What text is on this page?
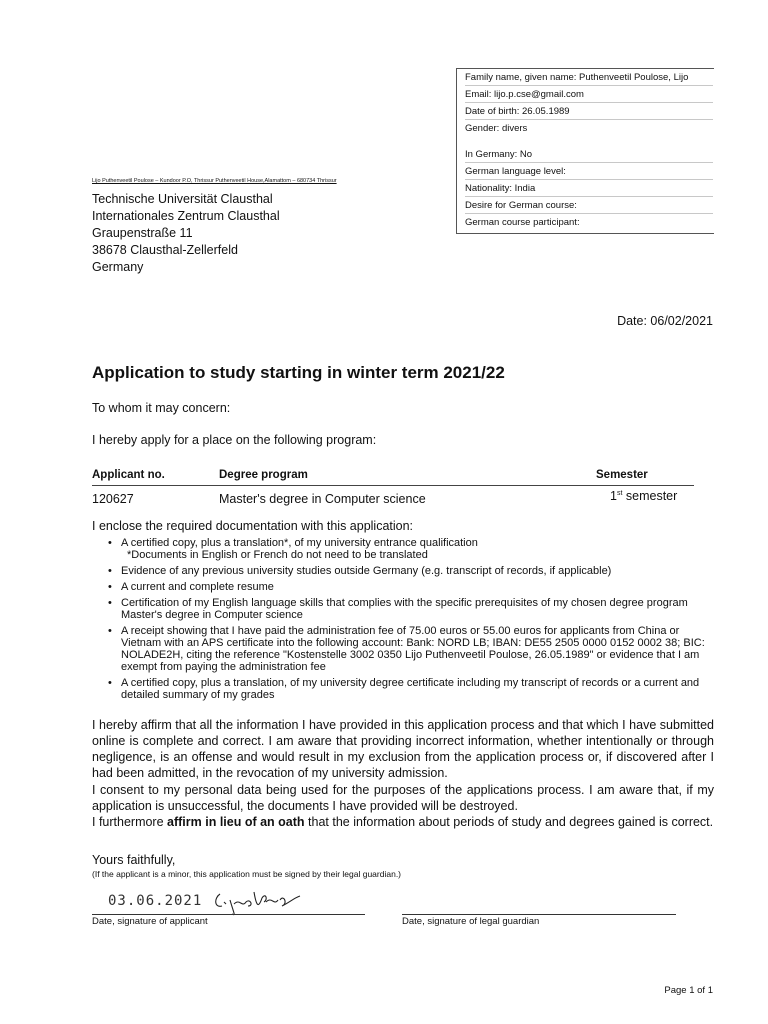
Family name, given name: Puthenveetil Poulose, Lijo
Email: lijo.p.cse@gmail.com
Date of birth: 26.05.1989
Gender: divers
In Germany: No
German language level:
Nationality: India
Desire for German course:
German course participant:
Lijo Puthenveetil Poulose – Kundoor P.O, Thrissur Puthenveetil House,Alamattom – 680734 Thrissur
Technische Universität Clausthal
Internationales Zentrum Clausthal
Graupenstraße 11
38678 Clausthal-Zellerfeld
Germany
Date: 06/02/2021
Application to study starting in winter term 2021/22
To whom it may concern:
I hereby apply for a place on the following program:
Applicant no.	Degree program	Semester
120627	Master's degree in Computer science	1st semester
I enclose the required documentation with this application:
• A certified copy, plus a translation*, of my university entrance qualification
*Documents in English or French do not need to be translated
• Evidence of any previous university studies outside Germany (e.g. transcript of records, if applicable)
• A current and complete resume
• Certification of my English language skills that complies with the specific prerequisites of my chosen degree program Master's degree in Computer science
• A receipt showing that I have paid the administration fee of 75.00 euros or 55.00 euros for applicants from China or Vietnam with an APS certificate into the following account: Bank: NORD LB; IBAN: DE55 2505 0000 0152 0002 38; BIC: NOLADE2H, citing the reference "Kostenstelle 3002 0350 Lijo Puthenveetil Poulose, 26.05.1989" or evidence that I am exempt from paying the administration fee
• A certified copy, plus a translation, of my university degree certificate including my transcript of records or a current and detailed summary of my grades
I hereby affirm that all the information I have provided in this application process and that which I have submitted online is complete and correct. I am aware that providing incorrect information, whether intentionally or through negligence, is an offense and would result in my exclusion from the application process or, if discovered after I had been admitted, in the revocation of my university admission.
I consent to my personal data being used for the purposes of the applications process. I am aware that, if my application is unsuccessful, the documents I have provided will be destroyed.
I furthermore affirm in lieu of an oath that the information about periods of study and degrees gained is correct.
Yours faithfully,
(If the applicant is a minor, this application must be signed by their legal guardian.)
03.06.2021
Date, signature of applicant	Date, signature of legal guardian
Page 1 of 1
